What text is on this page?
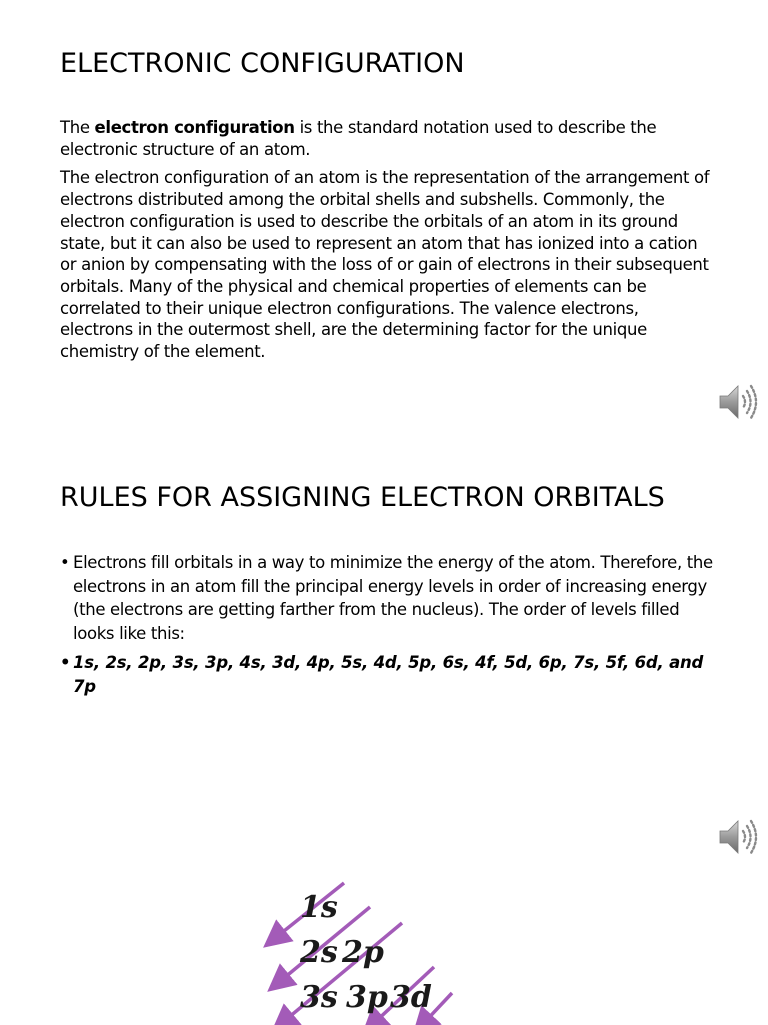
ELECTRONIC CONFIGURATION

The electron configuration is the standard notation used to describe the electronic structure of an atom.

The electron configuration of an atom is the representation of the arrangement of electrons distributed among the orbital shells and subshells. Commonly, the electron configuration is used to describe the orbitals of an atom in its ground state, but it can also be used to represent an atom that has ionized into a cation or anion by compensating with the loss of or gain of electrons in their subsequent orbitals. Many of the physical and chemical properties of elements can be correlated to their unique electron configurations. The valence electrons, electrons in the outermost shell, are the determining factor for the unique chemistry of the element.

RULES FOR ASSIGNING ELECTRON ORBITALS
• Electrons fill orbitals in a way to minimize the energy of the atom. Therefore, the electrons in an atom fill the principal energy levels in order of increasing energy (the electrons are getting farther from the nucleus). The order of levels filled looks like this:
• 1s, 2s, 2p, 3s, 3p, 4s, 3d, 4p, 5s, 4d, 5p, 6s, 4f, 5d, 6p, 7s, 5f, 6d, and 7p
1s
2s 2p
3s 3p 3d
